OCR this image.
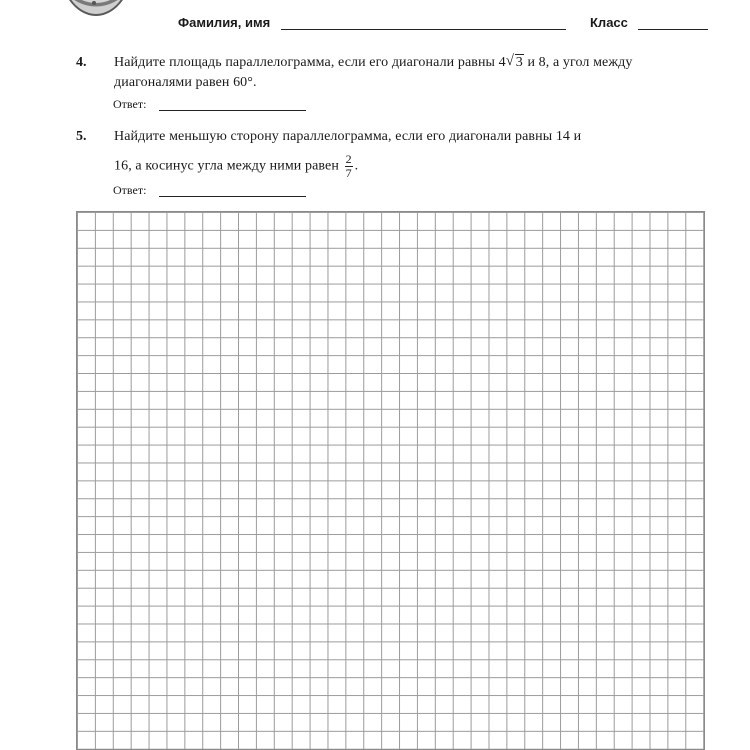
Фамилия, имя	Класс
4.	Найдите площадь параллелограмма, если его диагонали равны 4 √ 3 и 8, а угол между диагоналями равен 60°.
Ответ:
5.	Найдите меньшую сторону параллелограмма, если его диагонали равны 14 и
16, а косинус угла между ними равен $\frac{2}{7}$ .
Ответ:
